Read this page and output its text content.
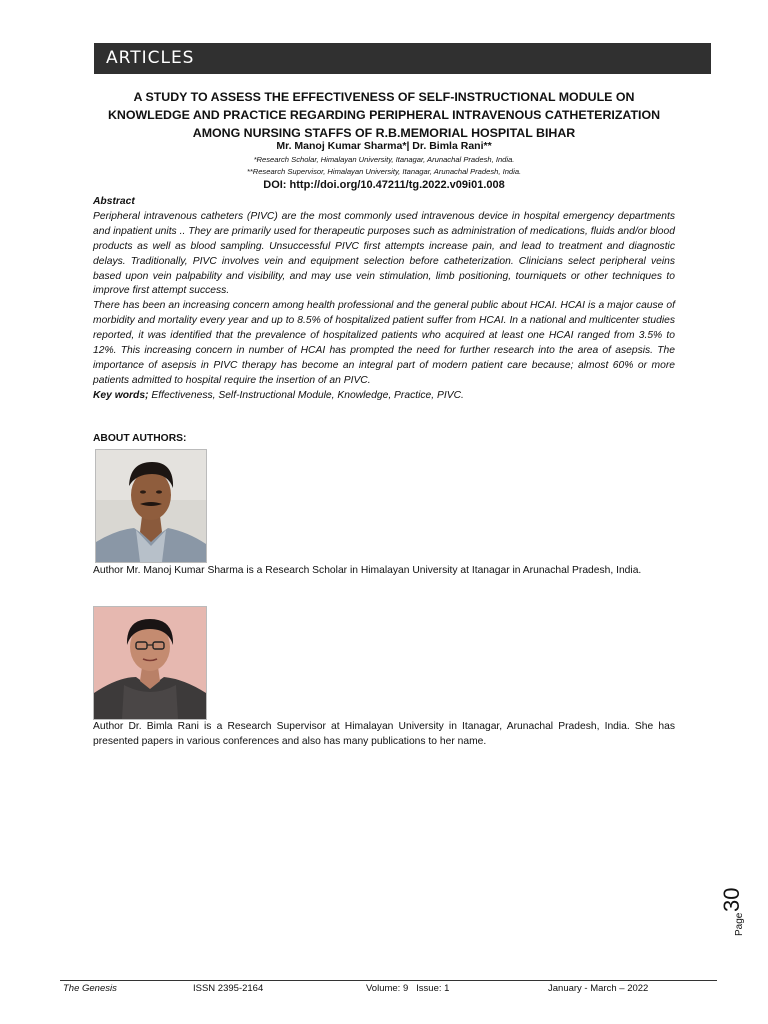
ARTICLES
A STUDY TO ASSESS THE EFFECTIVENESS OF SELF-INSTRUCTIONAL MODULE ON
KNOWLEDGE AND PRACTICE REGARDING PERIPHERAL INTRAVENOUS CATHETERIZATION
AMONG NURSING STAFFS OF R.B.MEMORIAL HOSPITAL BIHAR
Mr. Manoj Kumar Sharma*| Dr. Bimla Rani**
*Research Scholar, Himalayan University, Itanagar, Arunachal Pradesh, India.
**Research Supervisor, Himalayan University, Itanagar, Arunachal Pradesh, India.
DOI: http://doi.org/10.47211/tg.2022.v09i01.008
Abstract

Peripheral intravenous catheters (PIVC) are the most commonly used intravenous device in hospital emergency departments and inpatient units .. They are primarily used for therapeutic purposes such as administration of medications, fluids and/or blood products as well as blood sampling. Unsuccessful PIVC first attempts increase pain, and lead to treatment and diagnostic delays. Traditionally, PIVC involves vein and equipment selection before catheterization. Clinicians select peripheral veins based upon vein palpability and visibility, and may use vein stimulation, limb positioning, tourniquets or other techniques to improve first attempt success.

There has been an increasing concern among health professional and the general public about HCAI. HCAI is a major cause of morbidity and mortality every year and up to 8.5% of hospitalized patient suffer from HCAI. In a national and multicenter studies reported, it was identified that the prevalence of hospitalized patients who acquired at least one HCAI ranged from 3.5% to 12%. This increasing concern in number of HCAI has prompted the need for further research into the area of asepsis. The importance of asepsis in PIVC therapy has become an integral part of modern patient care because; almost 60% or more patients admitted to hospital require the insertion of an PIVC.

Key words; Effectiveness, Self-Instructional Module, Knowledge, Practice, PIVC.
ABOUT AUTHORS:
Author Mr. Manoj Kumar Sharma is a Research Scholar in Himalayan University at Itanagar in Arunachal Pradesh, India.
Author Dr. Bimla Rani is a Research Supervisor at Himalayan University in Itanagar, Arunachal Pradesh, India. She has presented papers in various conferences and also has many publications to her name.
Page
30
The Genesis	ISSN 2395-2164	Volume: 9   Issue: 1	January - March – 2022
